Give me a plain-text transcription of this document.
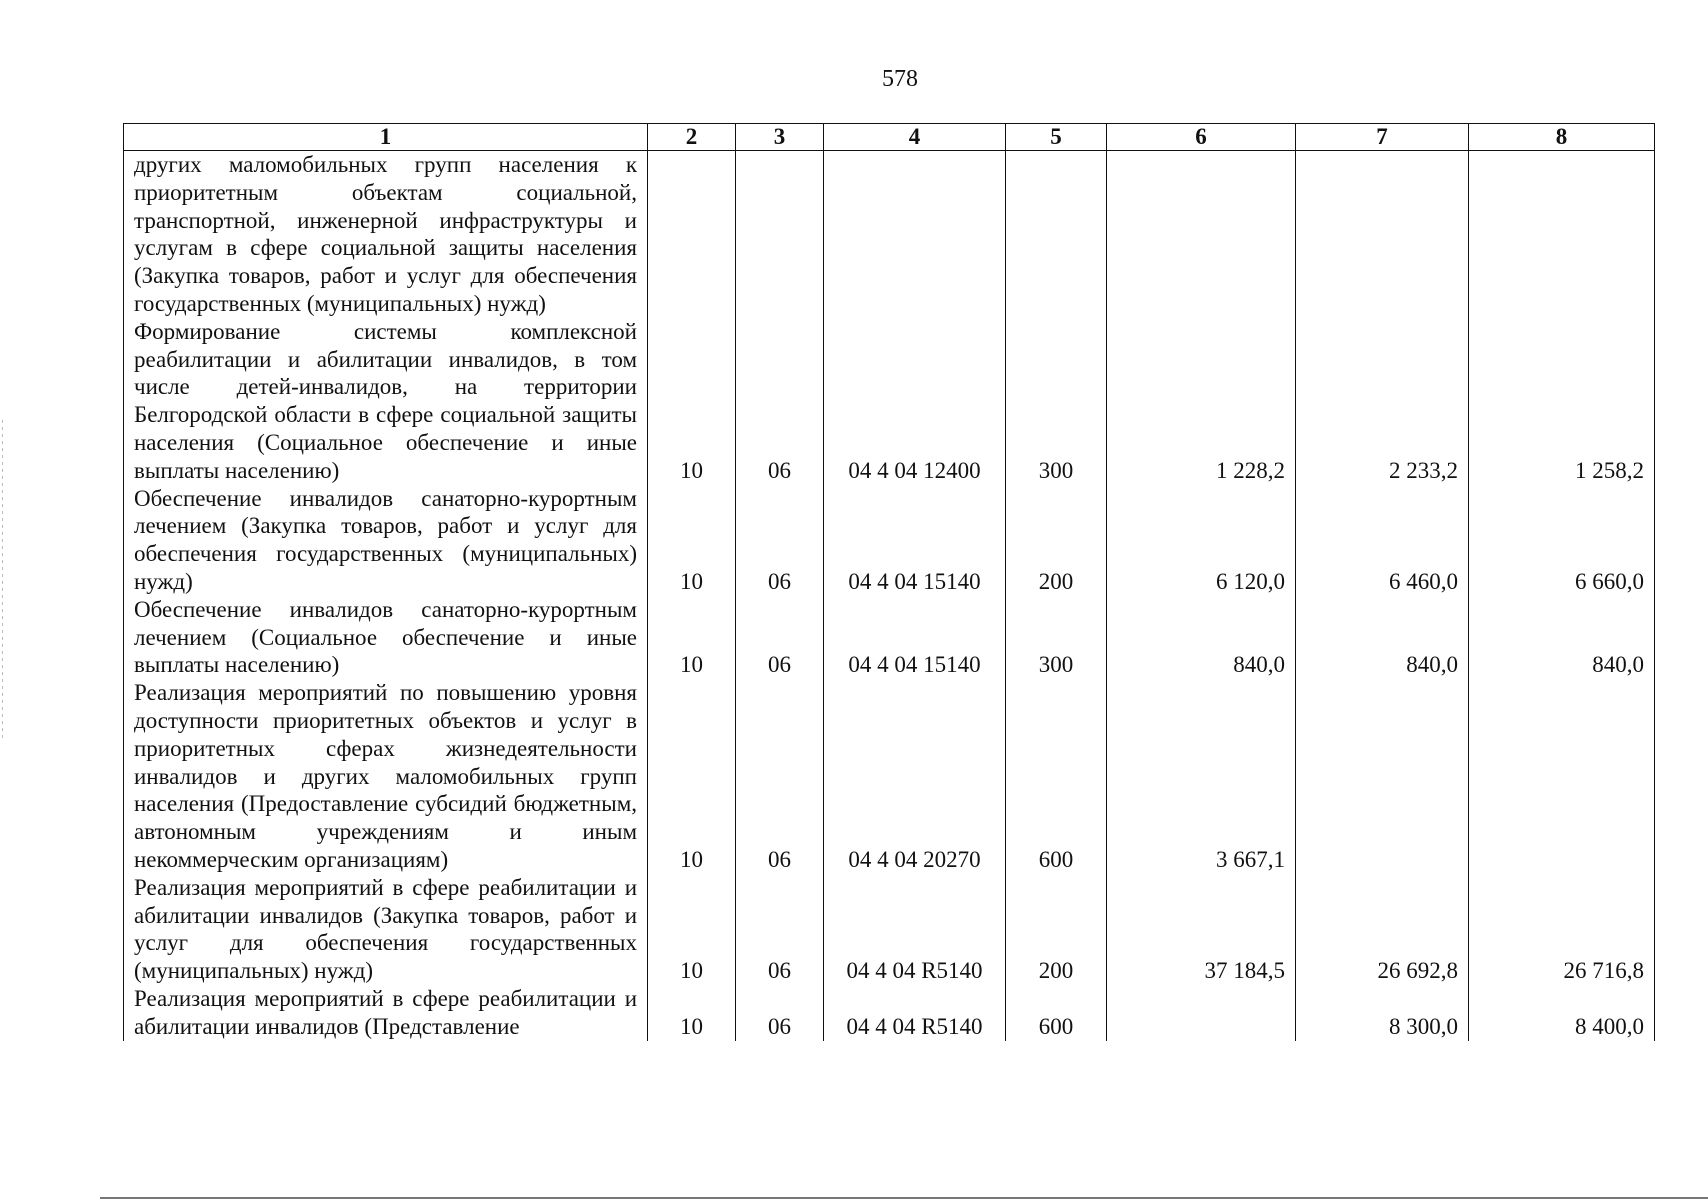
578
1	2	3	4	5	6	7	8
других маломобильных групп населения к приоритетным объектам социальной, транспортной, инженерной инфраструктуры и услугам в сфере социальной защиты населения (Закупка товаров, работ и услуг для обеспечения государственных (муниципальных) нужд)							
Формирование системы комплексной реабилитации и абилитации инвалидов, в том числе детей-инвалидов, на территории Белгородской области в сфере социальной защиты населения (Социальное обеспечение и иные выплаты населению)	10	06	04 4 04 12400	300	1 228,2	2 233,2	1 258,2
Обеспечение инвалидов санаторно-курортным лечением (Закупка товаров, работ и услуг для обеспечения государственных (муниципальных) нужд)	10	06	04 4 04 15140	200	6 120,0	6 460,0	6 660,0
Обеспечение инвалидов санаторно-курортным лечением (Социальное обеспечение и иные выплаты населению)	10	06	04 4 04 15140	300	840,0	840,0	840,0
Реализация мероприятий по повышению уровня доступности приоритетных объектов и услуг в приоритетных сферах жизнедеятельности инвалидов и других маломобильных групп населения (Предоставление субсидий бюджетным, автономным учреждениям и иным некоммерческим организациям)	10	06	04 4 04 20270	600	3 667,1		
Реализация мероприятий в сфере реабилитации и абилитации инвалидов (Закупка товаров, работ и услуг для обеспечения государственных (муниципальных) нужд)	10	06	04 4 04 R5140	200	37 184,5	26 692,8	26 716,8
Реализация мероприятий в сфере реабилитации и абилитации инвалидов (Представление	10	06	04 4 04 R5140	600		8 300,0	8 400,0
